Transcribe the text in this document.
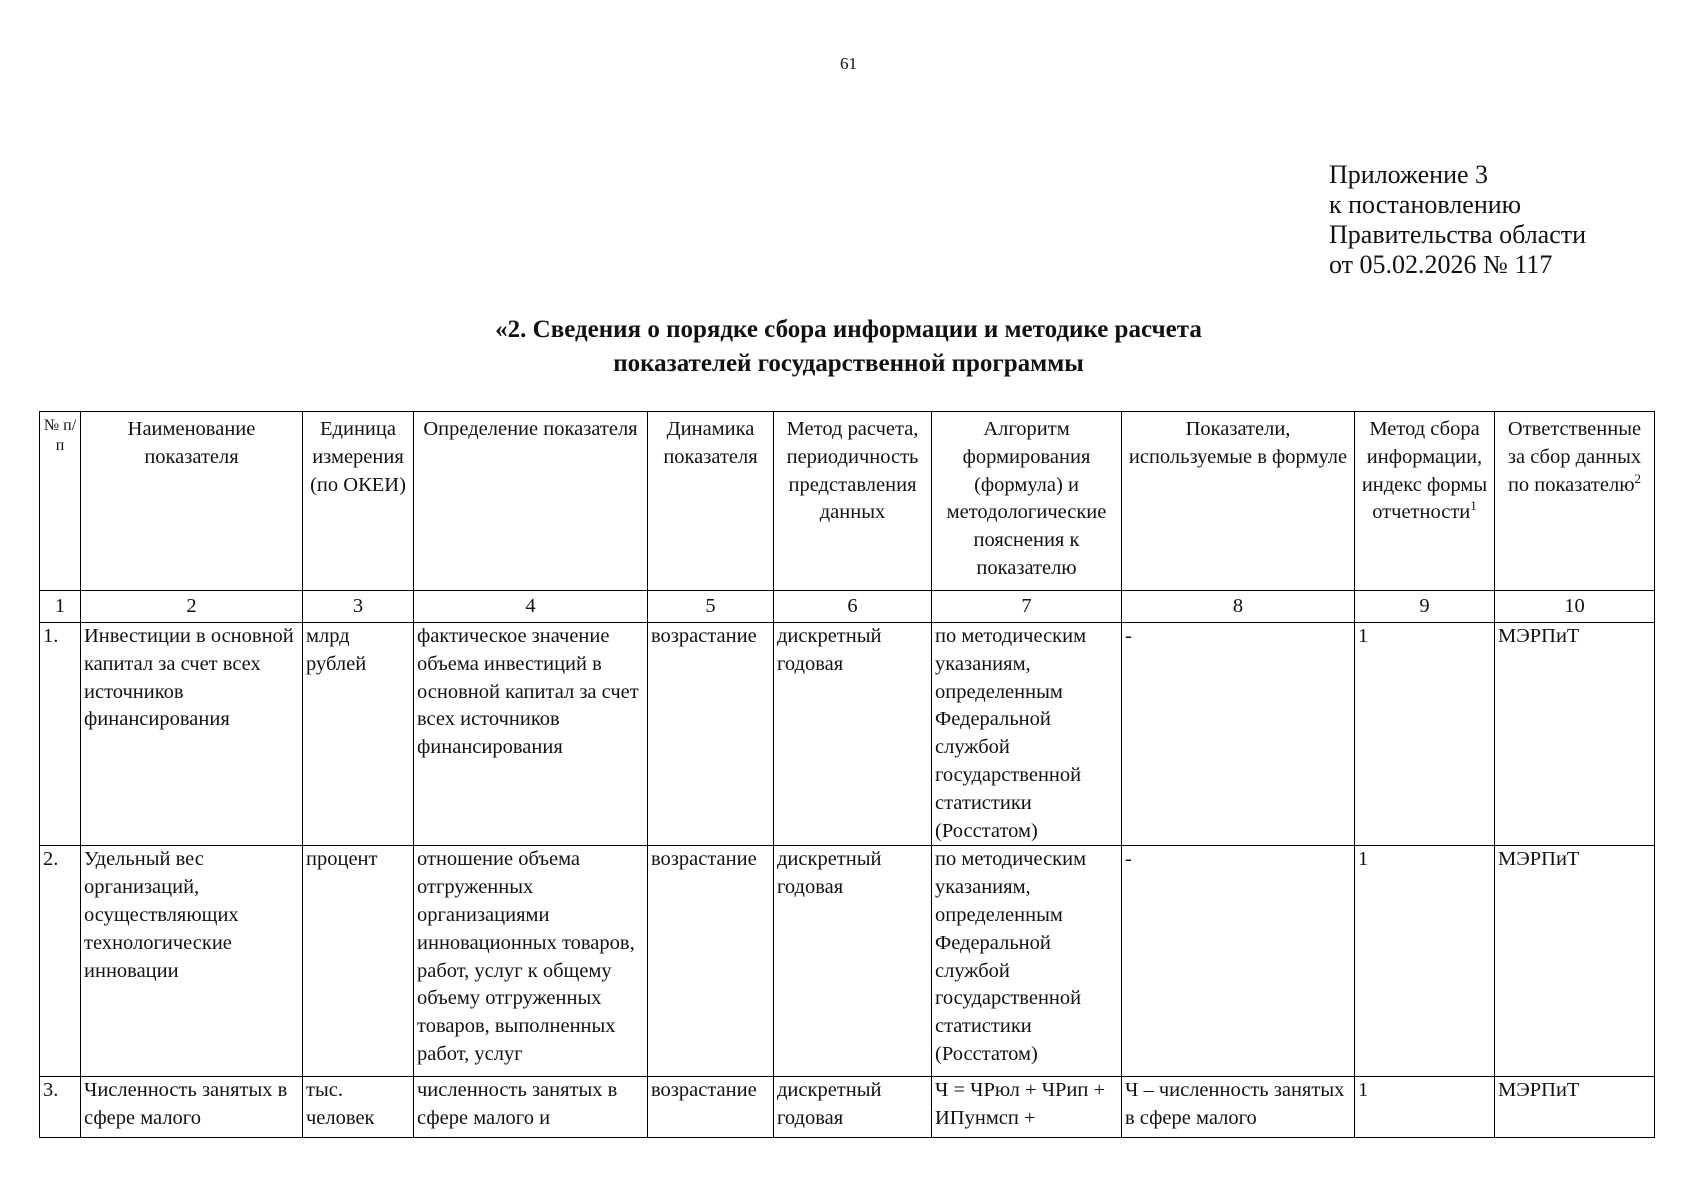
61
Приложение 3
к постановлению
Правительства области
от 05.02.2026 № 117
«2. Сведения о порядке сбора информации и методике расчета
показателей государственной программы
№ п/п	Наименование показателя	Единица измерения (по ОКЕИ)	Определение показателя	Динамика показателя	Метод расчета, периодичность представления данных	Алгоритм формирования (формула) и методологические пояснения к показателю	Показатели, используемые в формуле	Метод сбора информации, индекс формы отчетности$^1$	Ответственные за сбор данных по показателю$^2$
1	2	3	4	5	6	7	8	9	10
1.	Инвестиции в основной капитал за счет всех источников финансирования	млрд рублей	фактическое значение объема инвестиций в основной капитал за счет всех источников финансирования	возрастание	дискретный годовая	по методическим указаниям, определенным Федеральной службой государственной статистики (Росстатом)	-	1	МЭРПиТ
2.	Удельный вес организаций, осуществляющих технологические инновации	процент	отношение объема отгруженных организациями инновационных товаров, работ, услуг к общему объему отгруженных товаров, выполненных работ, услуг	возрастание	дискретный годовая	по методическим указаниям, определенным Федеральной службой государственной статистики (Росстатом)	-	1	МЭРПиТ
3.	Численность занятых в сфере малого	тыс. человек	численность занятых в сфере малого и	возрастание	дискретный годовая	Ч = ЧРюл + ЧРип + ИПунмсп +	Ч – численность занятых в сфере малого	1	МЭРПиТ
